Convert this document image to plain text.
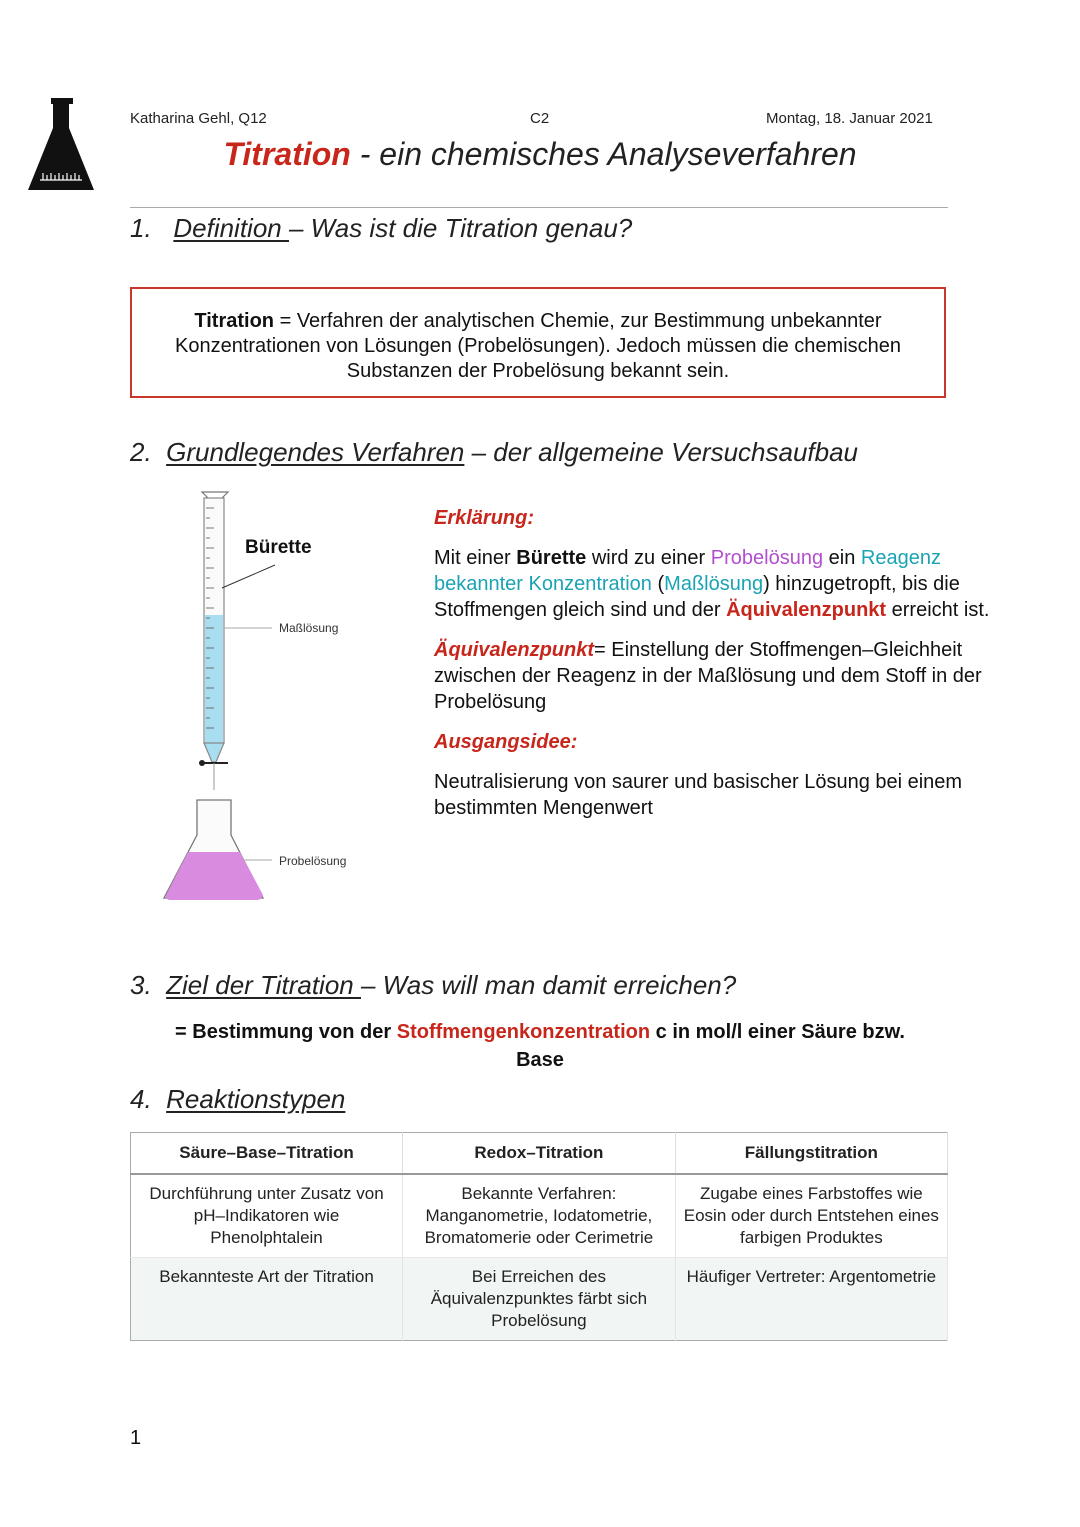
Katharina Gehl, Q12	C2	Montag, 18. Januar 2021
Titration - ein chemisches Analyseverfahren
1. Definition – Was ist die Titration genau?
Titration = Verfahren der analytischen Chemie, zur Bestimmung unbekannter
Konzentrationen von Lösungen (Probelösungen). Jedoch müssen die chemischen
Substanzen der Probelösung bekannt sein.
2. Grundlegendes Verfahren – der allgemeine Versuchsaufbau
Bürette
Maßlösung
Probelösung

Erklärung:

Mit einer Bürette wird zu einer Probelösung ein Reagenz bekannter Konzentration (Maßlösung) hinzugetropft, bis die Stoffmengen gleich sind und der Äquivalenzpunkt erreicht ist.

Äquivalenzpunkt= Einstellung der Stoffmengen–Gleichheit zwischen der Reagenz in der Maßlösung und dem Stoff in der Probelösung

Ausgangsidee:

Neutralisierung von saurer und basischer Lösung bei einem bestimmten Mengenwert

3. Ziel der Titration – Was will man damit erreichen?
= Bestimmung von der Stoffmengenkonzentration c in mol/l einer Säure bzw.
Base
4. Reaktionstypen
Säure–Base–Titration	Redox–Titration	Fällungstitration
Durchführung unter Zusatz von pH–Indikatoren wie Phenolphtalein	Bekannte Verfahren: Manganometrie, Iodatometrie, Bromatomerie oder Cerimetrie	Zugabe eines Farbstoffes wie Eosin oder durch Entstehen eines farbigen Produktes
Bekannteste Art der Titration	Bei Erreichen des Äquivalenzpunktes färbt sich Probelösung	Häufiger Vertreter: Argentometrie
1
